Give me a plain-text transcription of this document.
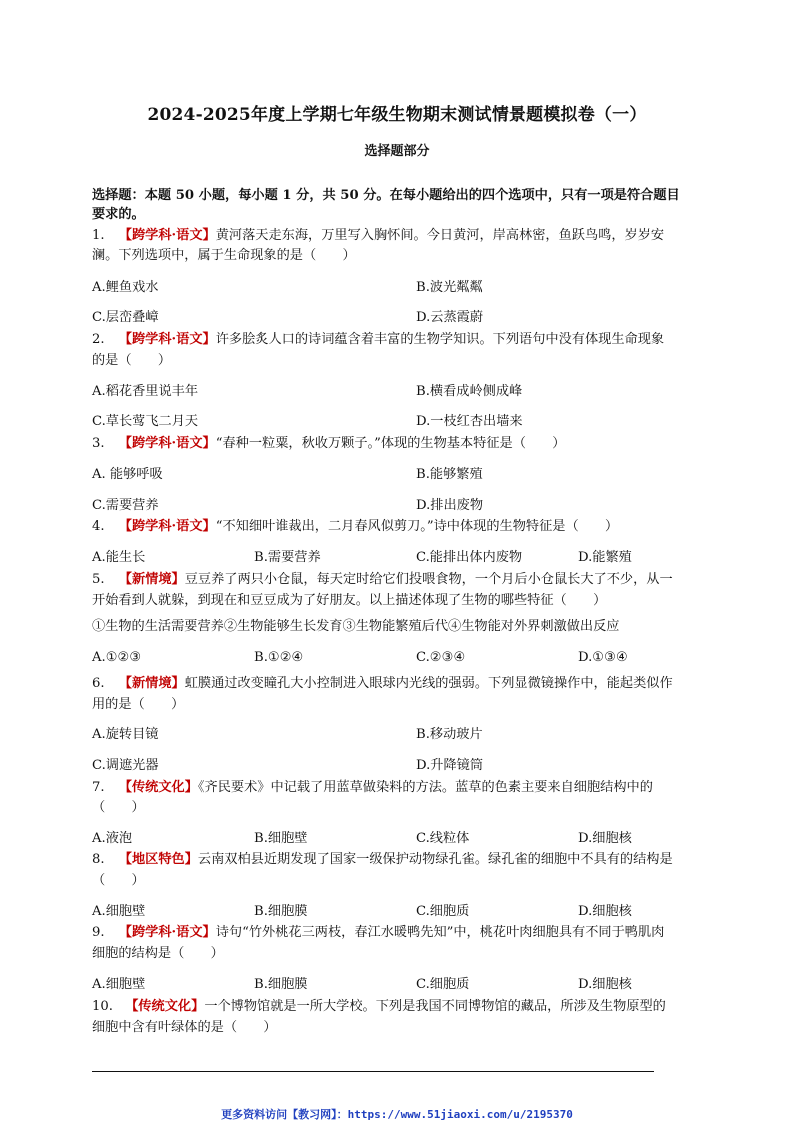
2024-2025年度上学期七年级生物期末测试情景题模拟卷（一）
选择题部分
选择题：本题 50 小题，每小题 1 分，共 50 分。在每小题给出的四个选项中，只有一项是符合题目
要求的。
1. 【跨学科·语文】黄河落天走东海，万里写入胸怀间。今日黄河，岸高林密，鱼跃鸟鸣，岁岁安
澜。下列选项中，属于生命现象的是（　　）
A.鲤鱼戏水	B.波光粼粼
C.层峦叠嶂	D.云蒸霞蔚
2. 【跨学科·语文】许多脍炙人口的诗词蕴含着丰富的生物学知识。下列语句中没有体现生命现象
的是（　　）
A.稻花香里说丰年	B.横看成岭侧成峰
C.草长莺飞二月天	D.一枝红杏出墙来
3. 【跨学科·语文】“春种一粒粟，秋收万颗子。”体现的生物基本特征是（　　）
A. 能够呼吸	B.能够繁殖
C.需要营养	D.排出废物
4. 【跨学科·语文】“不知细叶谁裁出，二月春风似剪刀。”诗中体现的生物特征是（　　）
A.能生长	B.需要营养	C.能排出体内废物	D.能繁殖
5. 【新情境】豆豆养了两只小仓鼠，每天定时给它们投喂食物，一个月后小仓鼠长大了不少，从一
开始看到人就躲，到现在和豆豆成为了好朋友。以上描述体现了生物的哪些特征（　　）
①生物的生活需要营养②生物能够生长发育③生物能繁殖后代④生物能对外界刺激做出反应
A.①②③	B.①②④	C.②③④	D.①③④
6. 【新情境】虹膜通过改变瞳孔大小控制进入眼球内光线的强弱。下列显微镜操作中，能起类似作
用的是（　　）
A.旋转目镜	B.移动玻片
C.调遮光器	D.升降镜筒
7. 【传统文化】《齐民要术》中记载了用蓝草做染料的方法。蓝草的色素主要来自细胞结构中的
（　　）
A.液泡	B.细胞壁	C.线粒体	D.细胞核
8. 【地区特色】云南双柏县近期发现了国家一级保护动物绿孔雀。绿孔雀的细胞中不具有的结构是
（　　）
A.细胞壁	B.细胞膜	C.细胞质	D.细胞核
9. 【跨学科·语文】诗句“竹外桃花三两枝，春江水暖鸭先知”中，桃花叶肉细胞具有不同于鸭肌肉
细胞的结构是（　　）
A.细胞壁	B.细胞膜	C.细胞质	D.细胞核
10. 【传统文化】一个博物馆就是一所大学校。下列是我国不同博物馆的藏品，所涉及生物原型的
细胞中含有叶绿体的是（　　）
更多资料访问【教习网】：https://www.51jiaoxi.com/u/2195370
